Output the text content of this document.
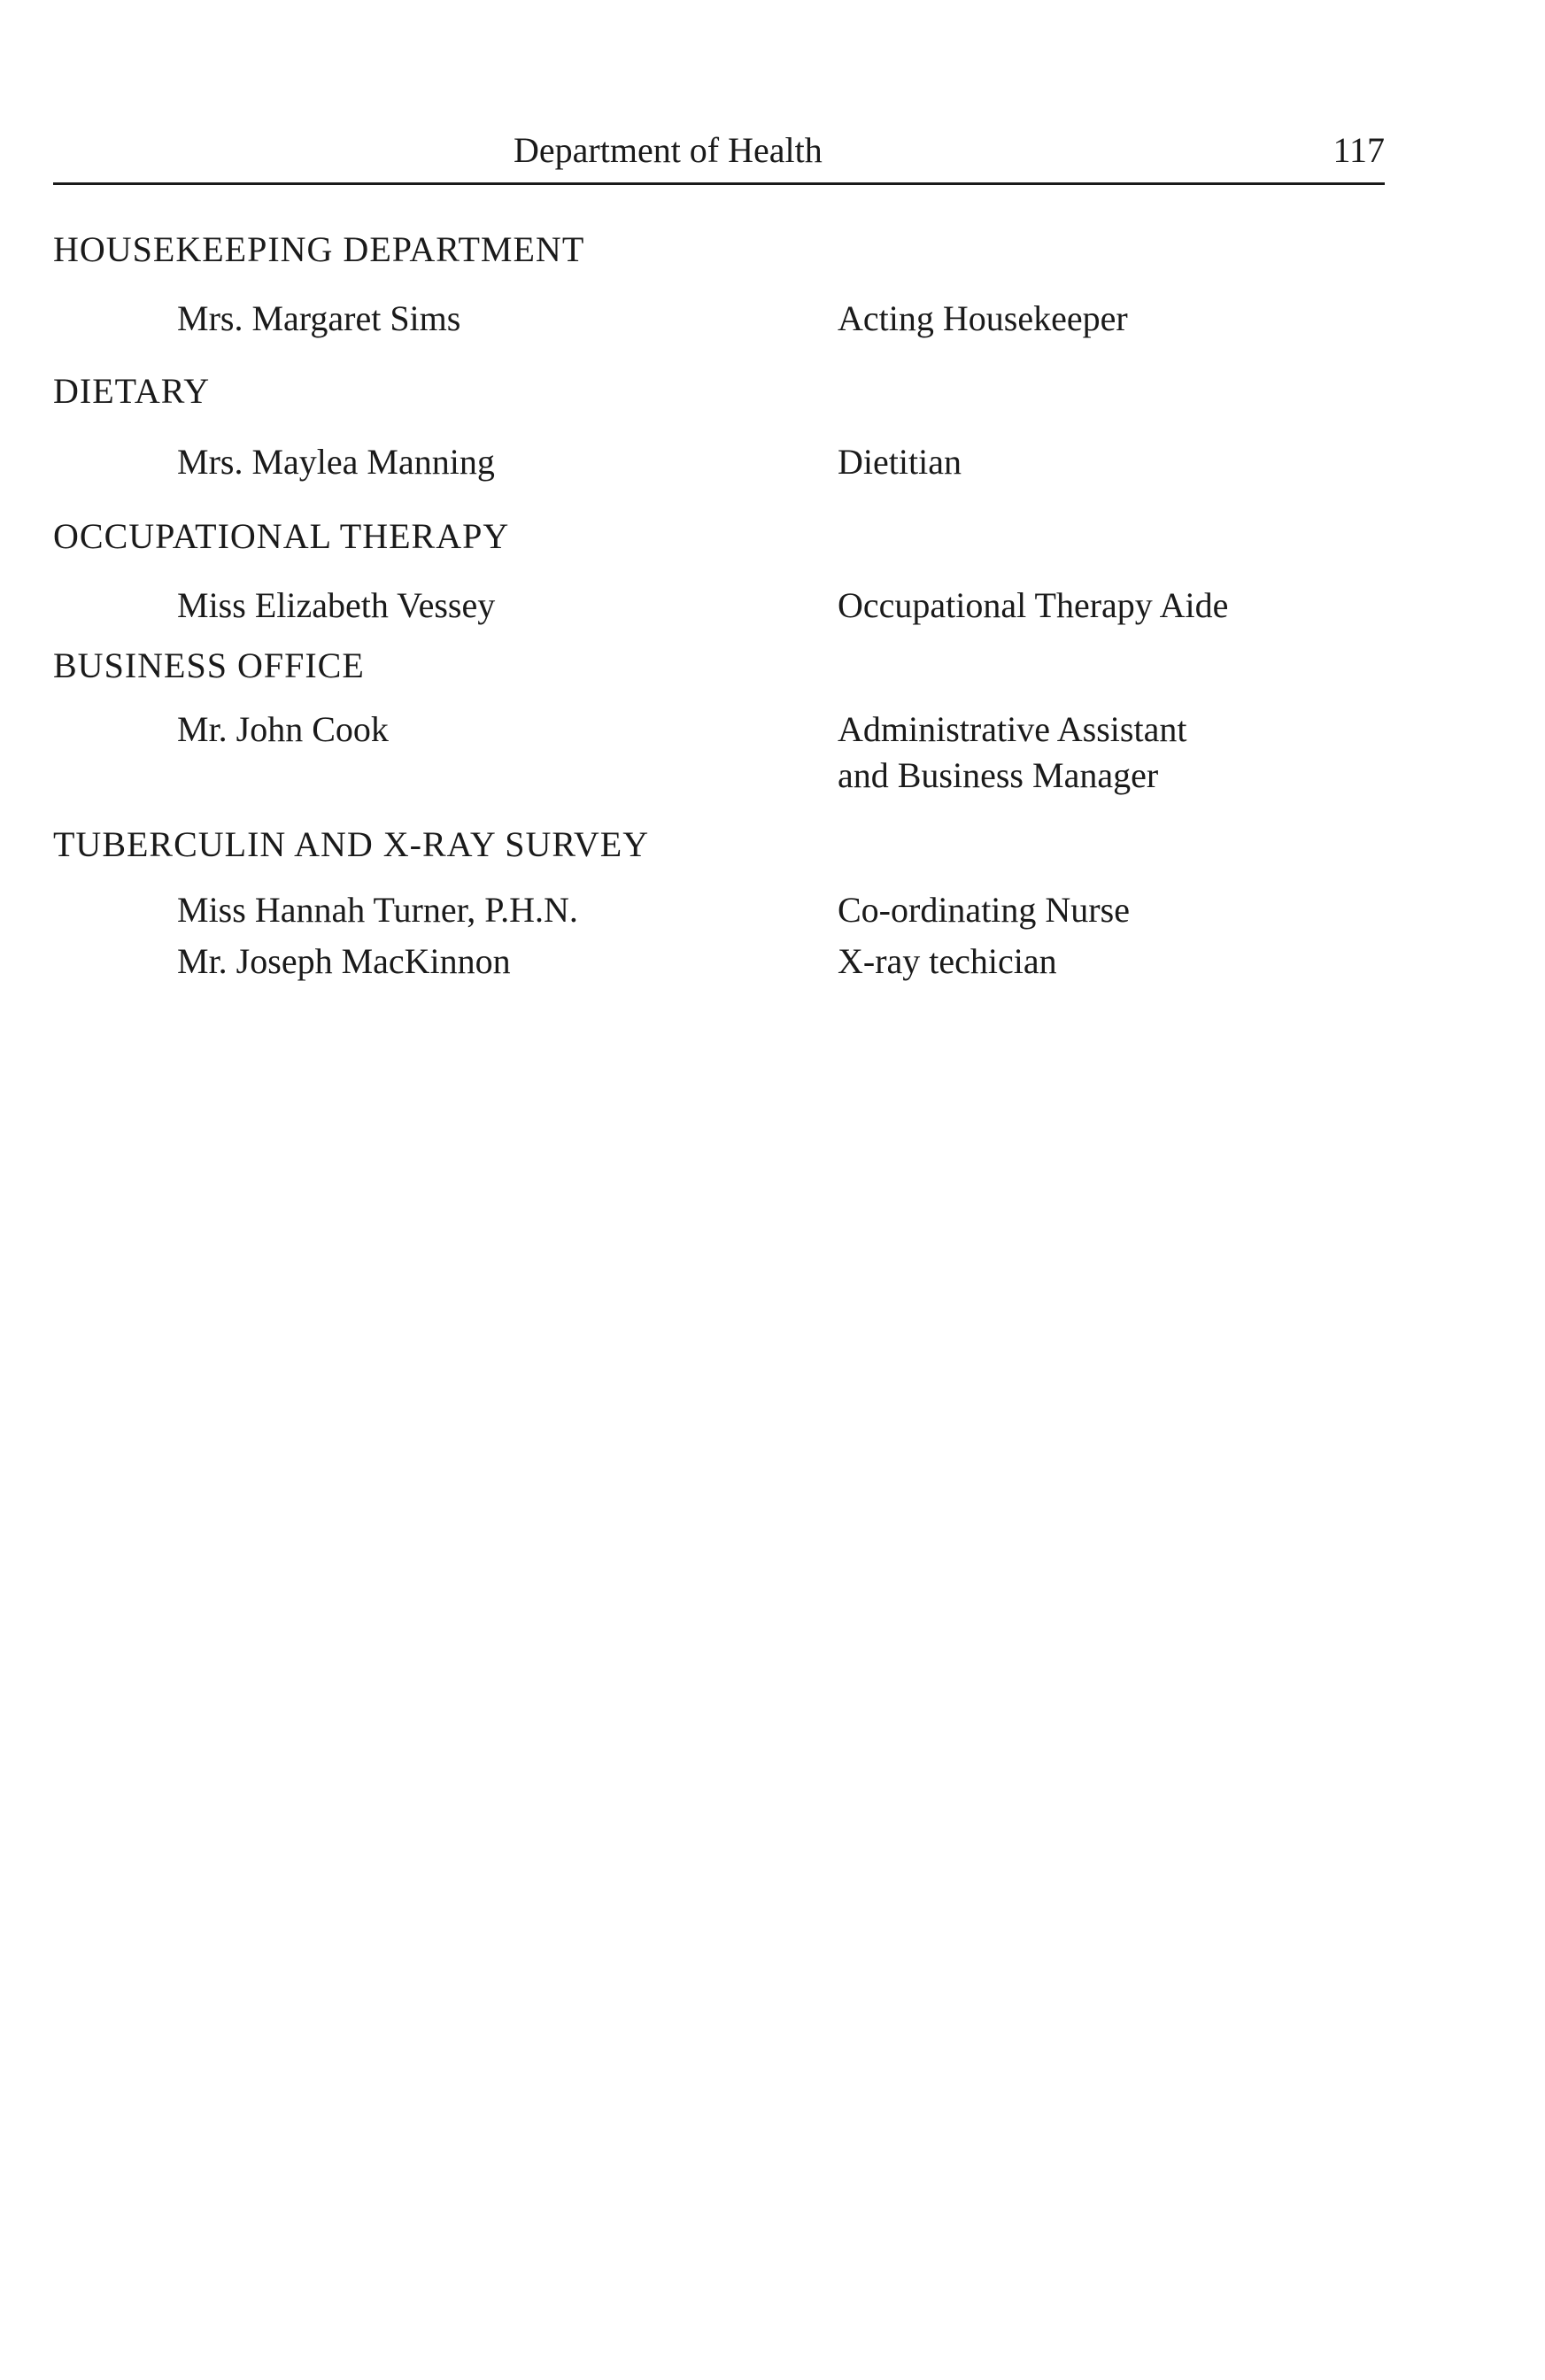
Department of Health	117
HOUSEKEEPING DEPARTMENT
Mrs. Margaret Sims	Acting Housekeeper
DIETARY
Mrs. Maylea Manning	Dietitian
OCCUPATIONAL THERAPY
Miss Elizabeth Vessey	Occupational Therapy Aide
BUSINESS OFFICE
Mr. John Cook	Administrative Assistant
and Business Manager
TUBERCULIN AND X-RAY SURVEY
Miss Hannah Turner, P.H.N.	Co-ordinating Nurse
Mr. Joseph MacKinnon	X-ray techician
